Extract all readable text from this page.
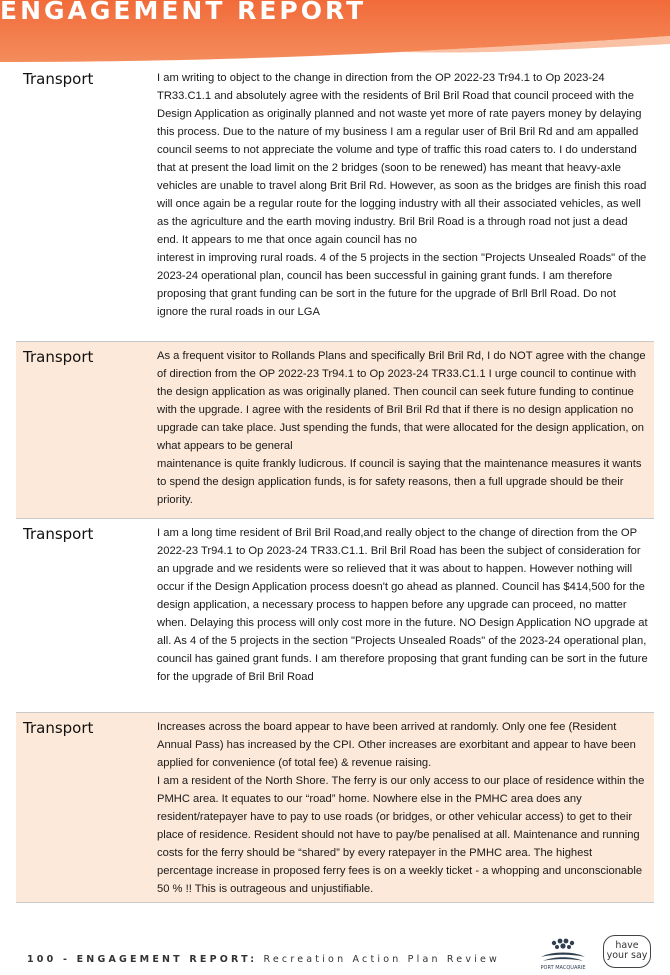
ENGAGEMENT REPORT
Transport	I am writing to object to the change in direction from the OP 2022-23 Tr94.1 to Op 2023-24 TR33.C1.1 and absolutely agree with the residents of Bril Bril Road that council proceed with the Design Application as originally planned and not waste yet more of rate payers money by delaying this process. Due to the nature of my business I am a regular user of Bril Bril Rd and am appalled council seems to not appreciate the volume and type of traffic this road caters to. I do understand that at present the load limit on the 2 bridges (soon to be renewed) has meant that heavy-axle vehicles are unable to travel along Brit Bril Rd. However, as soon as the bridges are finish this road will once again be a regular route for the logging industry with all their associated vehicles, as well as the agriculture and the earth moving industry. Bril Bril Road is a through road not just a dead end. It appears to me that once again council has no

interest in improving rural roads. 4 of the 5 projects in the section "Projects Unsealed Roads" of the 2023-24 operational plan, council has been successful in gaining grant funds. I am therefore proposing that grant funding can be sort in the future for the upgrade of Brll Brll Road. Do not ignore the rural roads in our LGA

Transport	As a frequent visitor to Rollands Plans and specifically Bril Bril Rd, I do NOT agree with the change of direction from the OP 2022-23 Tr94.1 to Op 2023-24 TR33.C1.1 I urge council to continue with the design application as was originally planed. Then council can seek future funding to continue with the upgrade. I agree with the residents of Bril Bril Rd that if there is no design application no upgrade can take place. Just spending the funds, that were allocated for the design application, on what appears to be general

maintenance is quite frankly ludicrous. If council is saying that the maintenance measures it wants to spend the design application funds, is for safety reasons, then a full upgrade should be their priority.

Transport	I am a long time resident of Bril Bril Road,and really object to the change of direction from the OP 2022-23 Tr94.1 to Op 2023-24 TR33.C1.1. Bril Bril Road has been the subject of consideration for an upgrade and we residents were so relieved that it was about to happen. However nothing will occur if the Design Application process doesn't go ahead as planned. Council has $414,500 for the design application, a necessary process to happen before any upgrade can proceed, no matter when. Delaying this process will only cost more in the future. NO Design Application NO upgrade at all. As 4 of the 5 projects in the section "Projects Unsealed Roads" of the 2023-24 operational plan, council has gained grant funds. I am therefore proposing that grant funding can be sort in the future for the upgrade of Bril Bril Road

Transport	Increases across the board appear to have been arrived at randomly. Only one fee (Resident Annual Pass) has increased by the CPI. Other increases are exorbitant and appear to have been applied for convenience (of total fee) & revenue raising.

I am a resident of the North Shore. The ferry is our only access to our place of residence within the PMHC area. It equates to our “road” home. Nowhere else in the PMHC area does any resident/ratepayer have to pay to use roads (or bridges, or other vehicular access) to get to their place of residence. Resident should not have to pay/be penalised at all. Maintenance and running costs for the ferry should be “shared” by every ratepayer in the PMHC area. The highest percentage increase in proposed ferry fees is on a weekly ticket - a whopping and unconscionable 50 % !! This is outrageous and unjustifiable.

100 - ENGAGEMENT REPORT: Recreation Action Plan Review
PORT MACQUARIE
have
your say
